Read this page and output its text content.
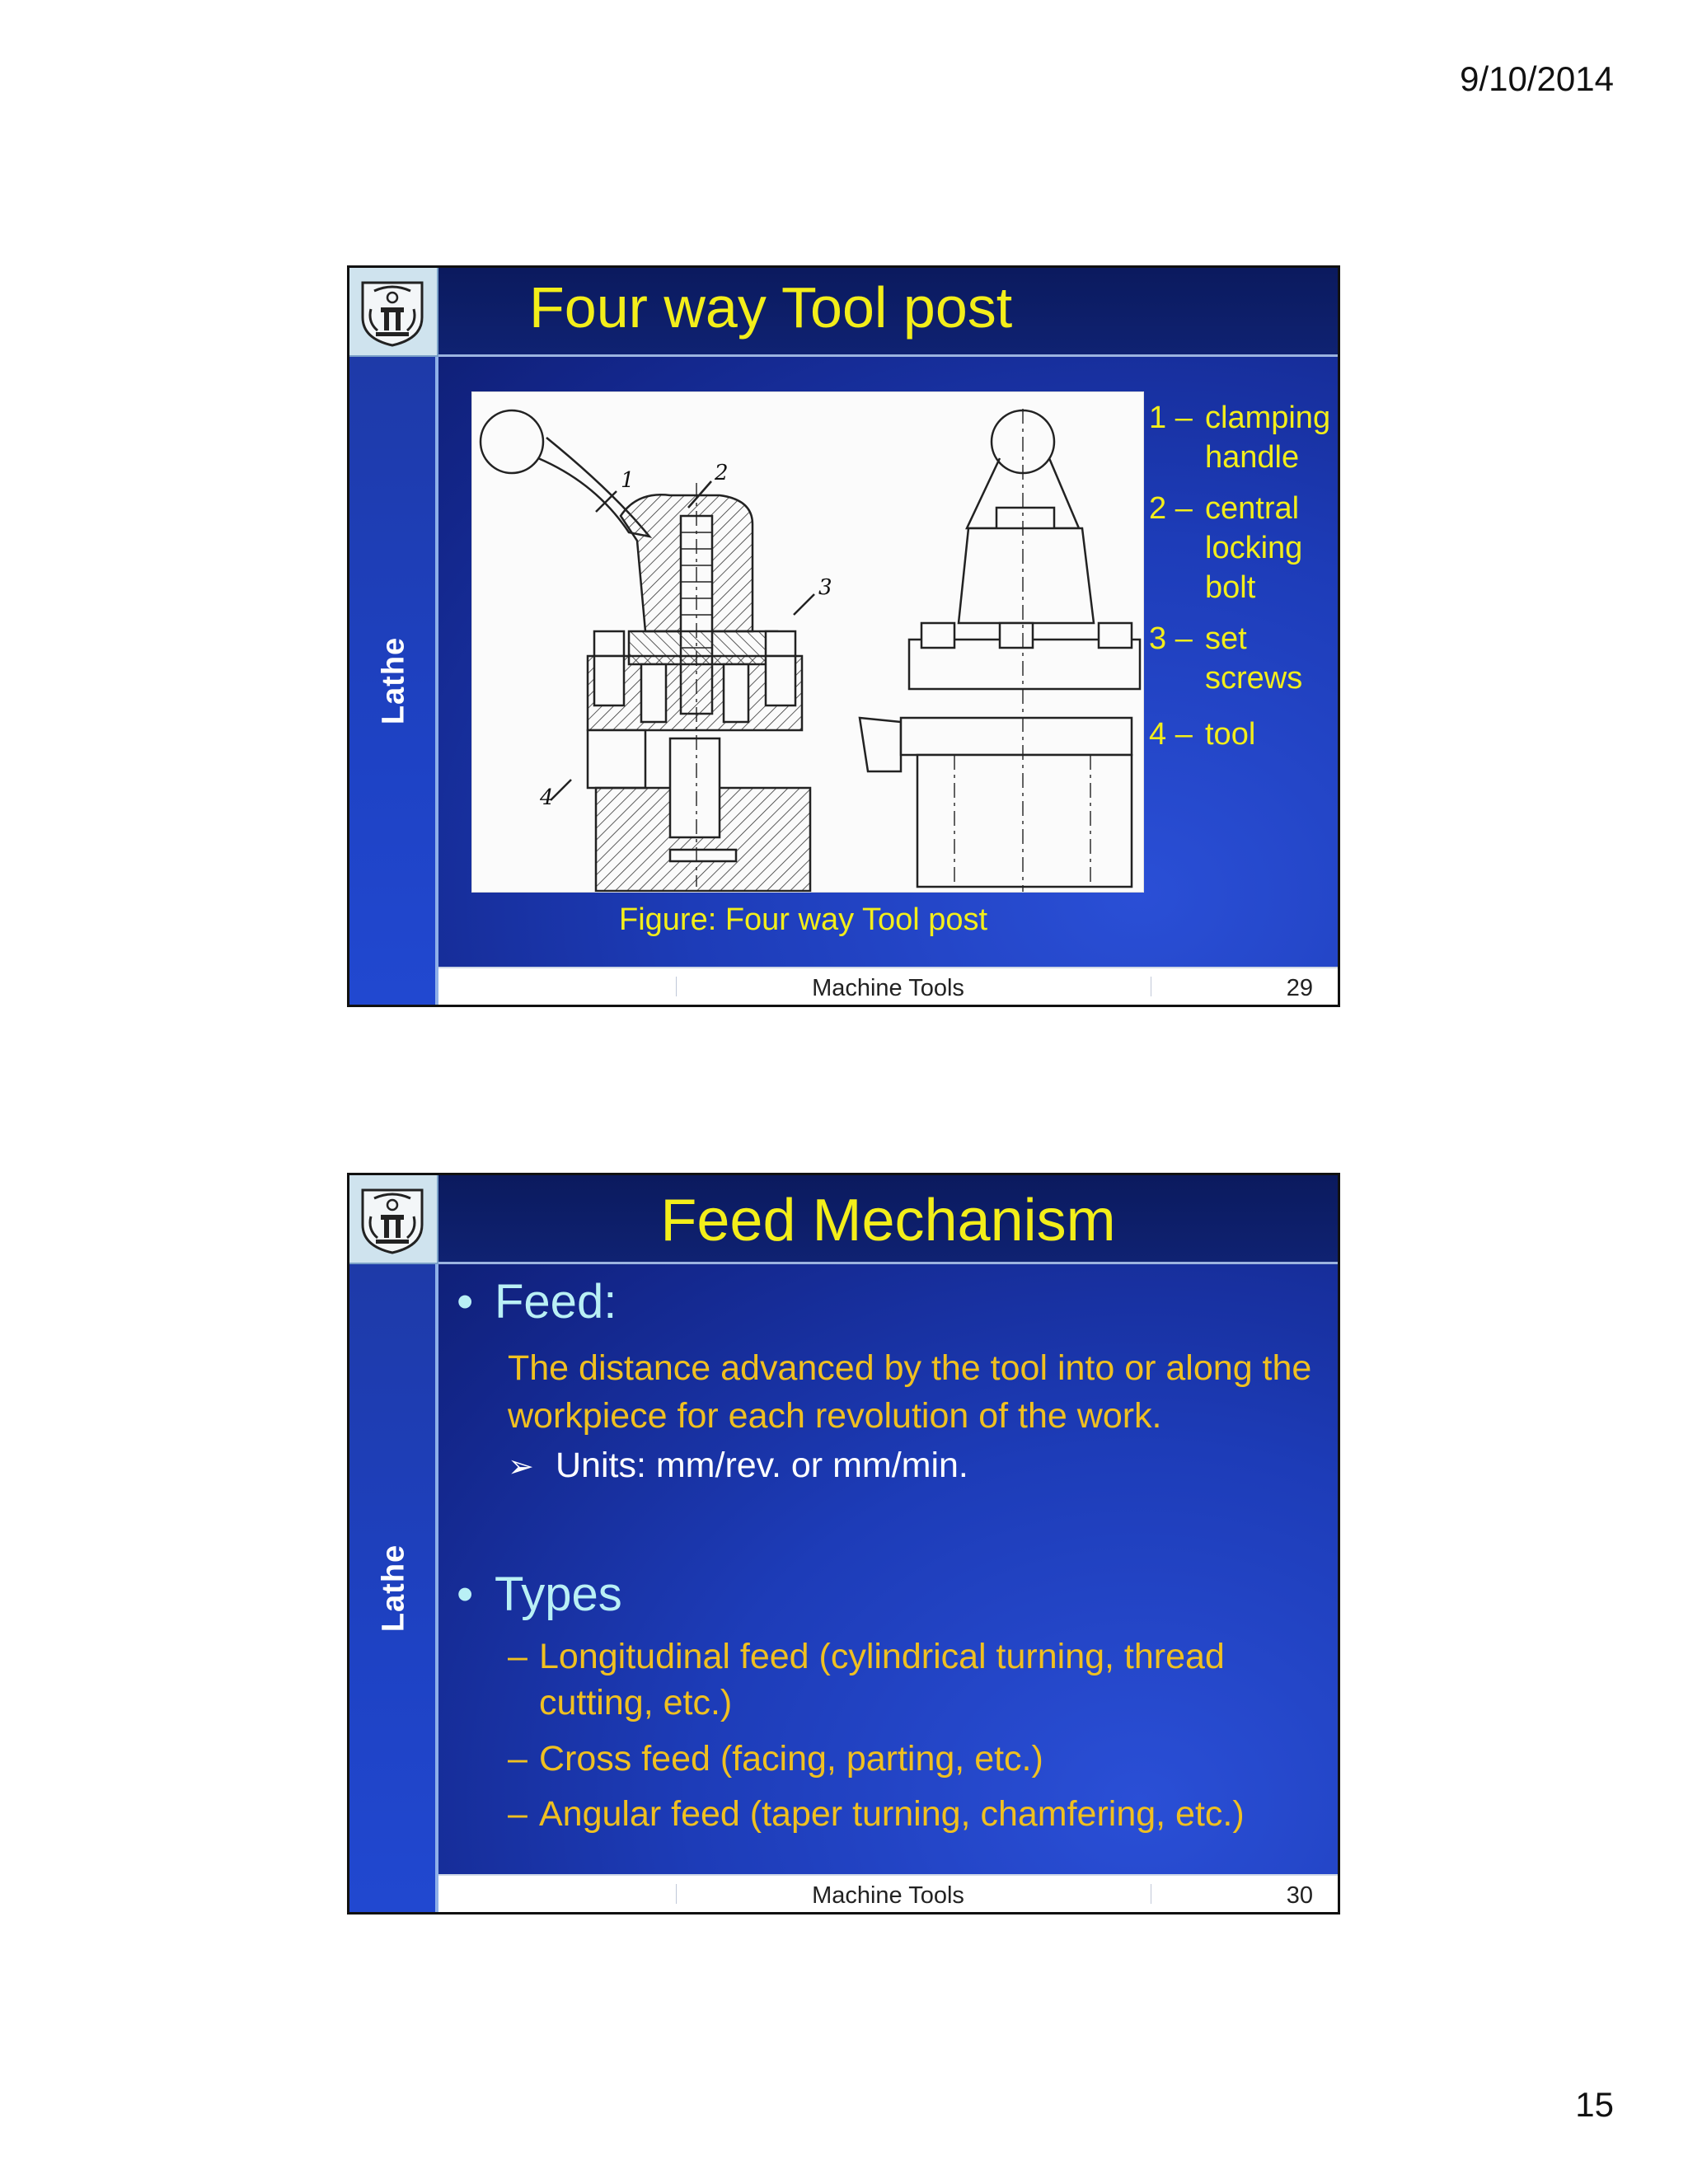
9/10/2014
Lathe
Four way Tool post
1	2
3
4
1 – clamping
handle
2 – central
locking
bolt
3 – set
screws
4 – tool
Figure: Four way Tool post
Machine Tools	29
Lathe
Feed Mechanism
• Feed:
The distance advanced by the tool into or along the workpiece for each revolution of the work.
➢ Units: mm/rev. or mm/min.
• Types
– Longitudinal feed (cylindrical turning, thread
cutting, etc.)
– Cross feed (facing, parting, etc.)
– Angular feed (taper turning, chamfering, etc.)
Machine Tools	30
15
